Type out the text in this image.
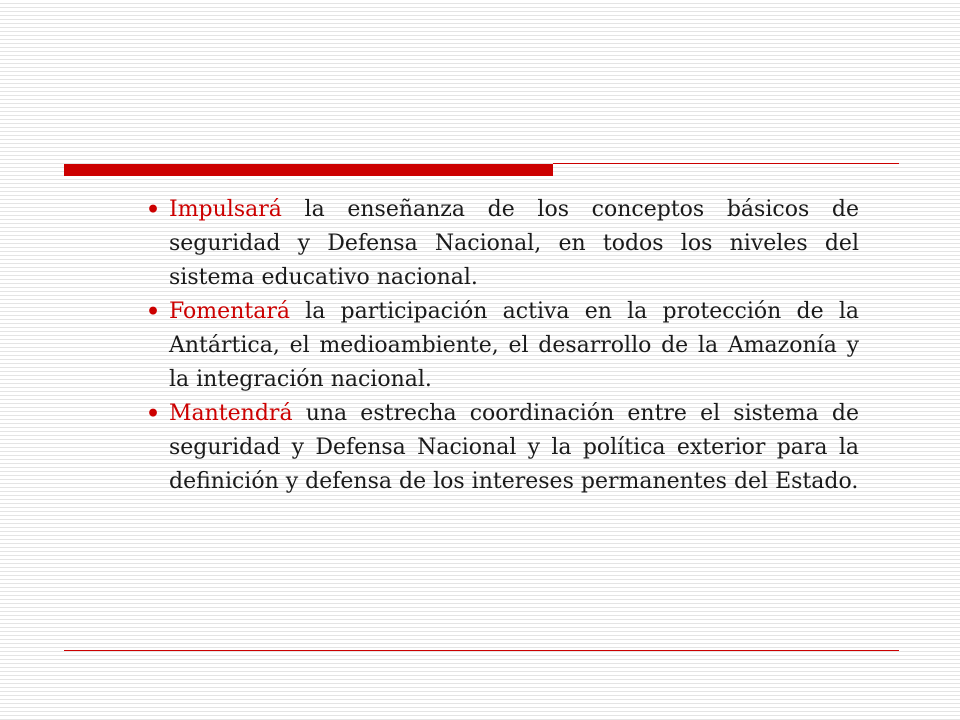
• Impulsará la enseñanza de los conceptos básicos de seguridad y Defensa Nacional, en todos los niveles del sistema educativo nacional.
• Fomentará la participación activa en la protección de la Antártica, el medioambiente, el desarrollo de la Amazonía y la integración nacional.
• Mantendrá una estrecha coordinación entre el sistema de seguridad y Defensa Nacional y la política exterior para la definición y defensa de los intereses permanentes del Estado.
